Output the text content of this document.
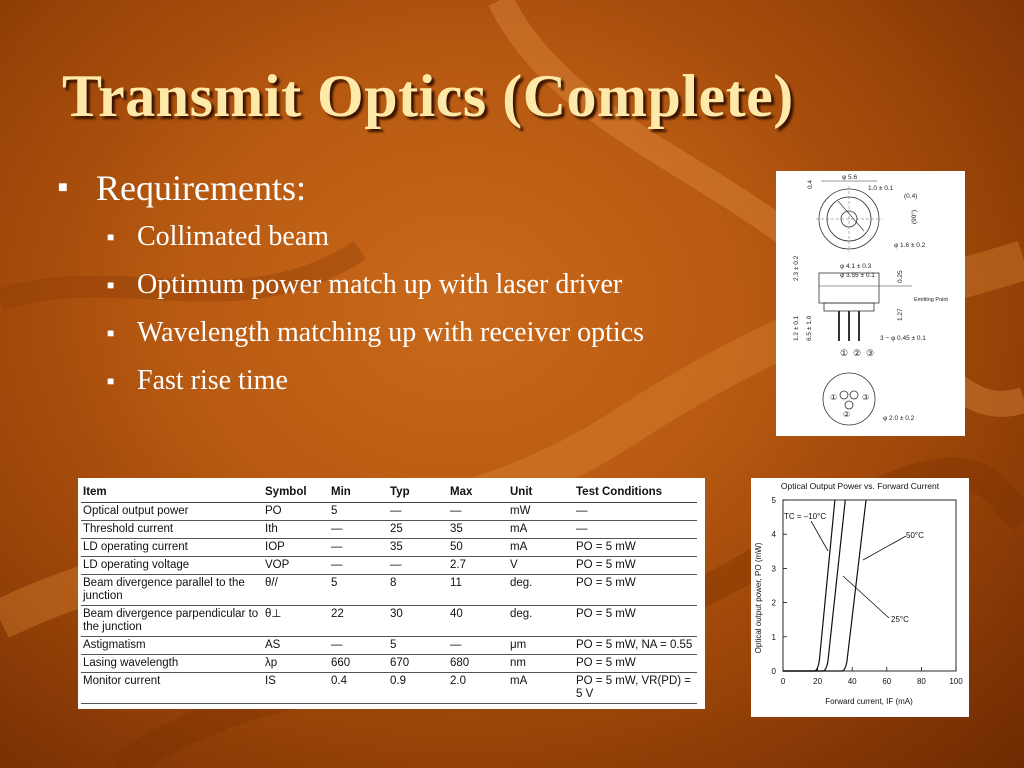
Transmit Optics (Complete)
■ Requirements:
■ Collimated beam
■ Optimum power match up with laser driver
■ Wavelength matching up with receiver optics
■ Fast rise time
φ 5.6
1.0 ± 0.1
(0.4)
(90°)
φ 1.6 ± 0.2
0.4
φ 4.1 ± 0.3
φ 3.55 ± 0.1
Emitting Point
3 − φ 0.45 ± 0.1
2.3 ± 0.2
1.2 ± 0.1 6.5 ± 1.0
0.25
1.27
① ② ③
①
②
③
φ 2.0 ± 0.2
Item	Symbol	Min	Typ	Max	Unit	Test Conditions
Optical output power	PO	5	—	—	mW	—
Threshold current	Ith	—	25	35	mA	—
LD operating current	IOP	—	35	50	mA	PO = 5 mW
LD operating voltage	VOP	—	—	2.7	V	PO = 5 mW
Beam divergence parallel to the junction	θ//	5	8	11	deg.	PO = 5 mW
Beam divergence parpendicular to the junction	θ⊥	22	30	40	deg.	PO = 5 mW
Astigmatism	AS	—	5	—	μm	PO = 5 mW, NA = 0.55
Lasing wavelength	λp	660	670	680	nm	PO = 5 mW
Monitor current	IS	0.4	0.9	2.0	mA	PO = 5 mW, VR(PD) = 5 V
Optical Output Power vs. Forward Current
Optical output power, PO (mW)
Forward current, IF (mA)
0	20	40	60	80	100
0
1
2
3
4
5
TC = –10°C
50°C
25°C
